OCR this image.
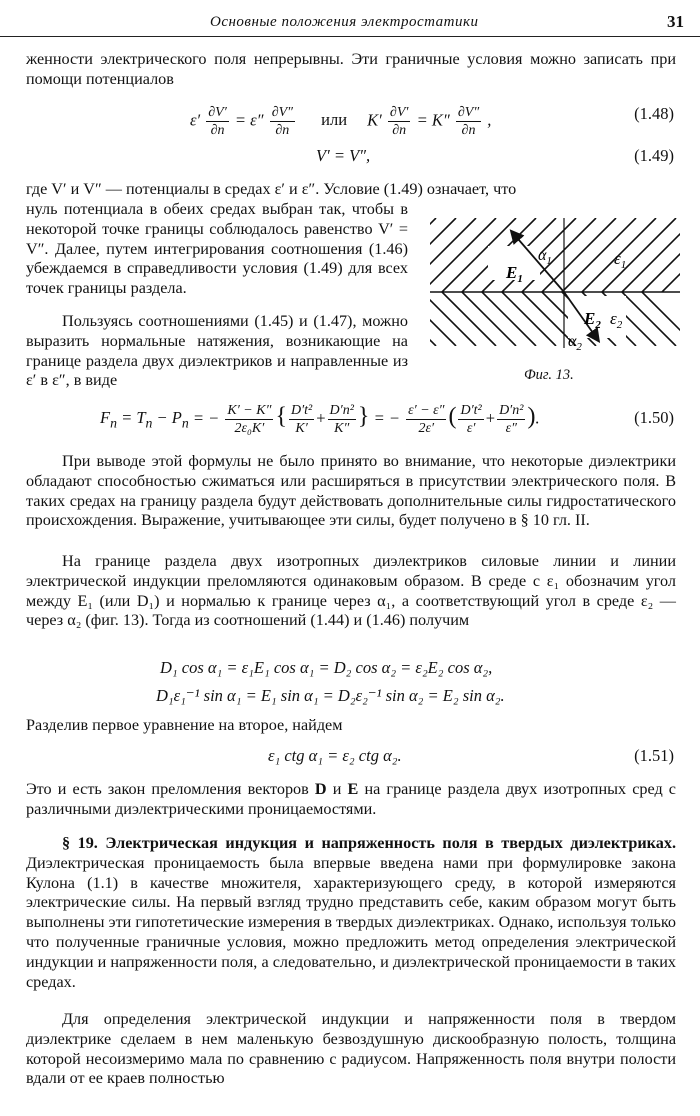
Основные положения электростатики	31
женности электрического поля непрерывны. Эти граничные условия можно записать при помощи потенциалов
$\varepsilon' \frac{\partial V'}{\partial n} = \varepsilon'' \frac{\partial V''}{\partial n}$ или $K' \frac{\partial V'}{\partial n} = K'' \frac{\partial V''}{\partial n}$ ,	(1.48)
V′ = V″,	(1.49)
где V′ и V″ — потенциалы в средах ε′ и ε″. Условие (1.49) означает, что
нуль потенциала в обеих средах выбран так, чтобы в некоторой точке границы соблюдалось равенство V′ = V″. Далее, путем интегрирования соотношения (1.46) убеждаемся в справедливости условия (1.49) для всех точек границы раздела.
Пользуясь соотношениями (1.45) и (1.47), можно выразить нормальные натяжения, возникающие на границе раздела двух диэлектриков и направленные из ε′ в ε″, в виде
$E_1$
$\alpha_1$	$\varepsilon_1$
$E_2$ $\varepsilon_2$
$\alpha_2$
Фиг. 13.
$F_n = T_n - P_n$ = − $\frac{K' - K''}{\text{2ε₀K′}}$ { $\frac{\text{D′t²}}{K'} + \frac{\text{D′n²}}{K''}$ } = − $\frac{\varepsilon' - \varepsilon''}{2\varepsilon'}$ ( $\frac{\text{D′t²}}{\varepsilon'} + \frac{\text{D′n²}}{\varepsilon''}$ ).	(1.50)
При выводе этой формулы не было принято во внимание, что некоторые диэлектрики обладают способностью сжиматься или расширяться в присутствии электрического поля. В таких средах на границу раздела будут действовать дополнительные силы гидростатического происхождения. Выражение, учитывающее эти силы, будет получено в § 10 гл. II.
На границе раздела двух изотропных диэлектриков силовые линии и линии электрической индукции преломляются одинаковым образом. В среде с ε₁ обозначим угол между E₁ (или D₁) и нормалью к границе через α₁, а соответствующий угол в среде ε₂ — через α₂ (фиг. 13). Тогда из соотношений (1.44) и (1.46) получим
D₁ cos α₁ = ε₁E₁ cos α₁ = D₂ cos α₂ = ε₂E₂ cos α₂,
D₁ε₁⁻¹ sin α₁ = E₁ sin α₁ = D₂ε₂⁻¹ sin α₂ = E₂ sin α₂.
Разделив первое уравнение на второе, найдем
ε₁ ctg α₁ = ε₂ ctg α₂.	(1.51)
Это и есть закон преломления векторов D и E на границе раздела двух изотропных сред с различными диэлектрическими проницаемостями.
§ 19. Электрическая индукция и напряженность поля в твердых диэлектриках. Диэлектрическая проницаемость была впервые введена нами при формулировке закона Кулона (1.1) в качестве множителя, характеризующего среду, в которой измеряются электрические силы. На первый взгляд трудно представить себе, каким образом могут быть выполнены эти гипотетические измерения в твердых диэлектриках. Однако, используя только что полученные граничные условия, можно предложить метод определения электрической индукции и напряженности поля, а следовательно, и диэлектрической проницаемости в таких средах.
Для определения электрической индукции и напряженности поля в твердом диэлектрике сделаем в нем маленькую безвоздушную дискообразную полость, толщина которой несоизмеримо мала по сравнению с радиусом. Напряженность поля внутри полости вдали от ее краев полностью
